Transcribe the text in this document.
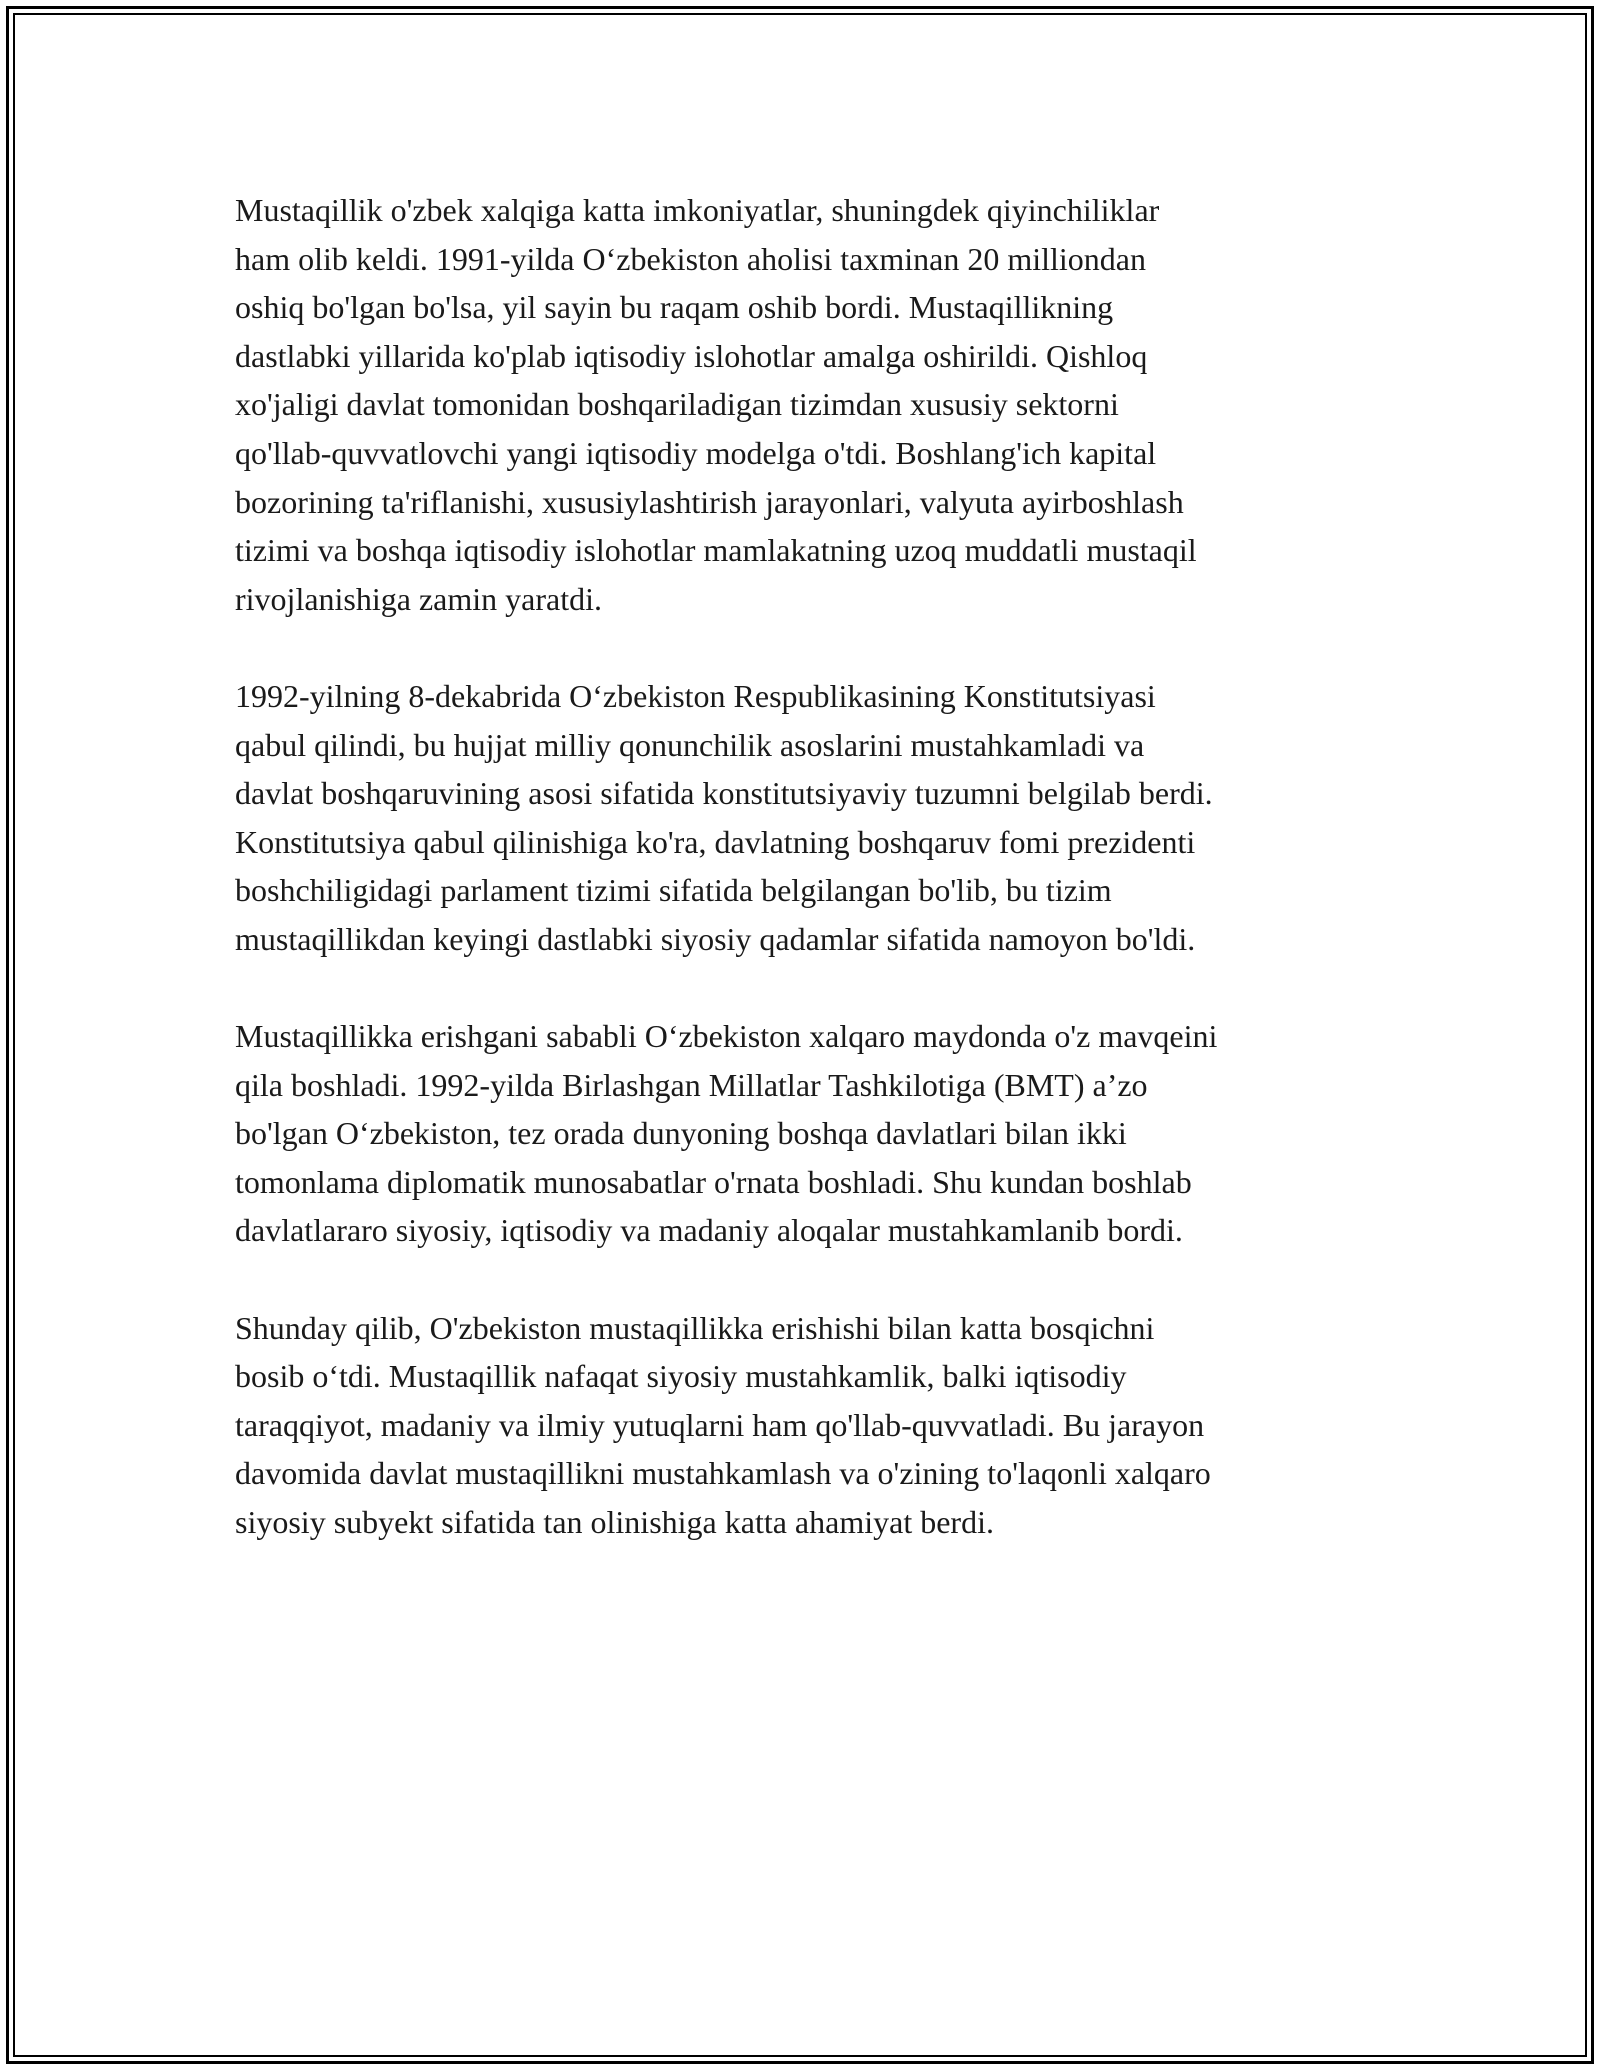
Mustaqillik o'zbek xalqiga katta imkoniyatlar, shuningdek qiyinchiliklar
ham olib keldi. 1991-yilda O‘zbekiston aholisi taxminan 20 milliondan
oshiq bo'lgan bo'lsa, yil sayin bu raqam oshib bordi. Mustaqillikning
dastlabki yillarida ko'plab iqtisodiy islohotlar amalga oshirildi. Qishloq
xo'jaligi davlat tomonidan boshqariladigan tizimdan xususiy sektorni
qo'llab-quvvatlovchi yangi iqtisodiy modelga o'tdi. Boshlang'ich kapital
bozorining ta'riflanishi, xususiylashtirish jarayonlari, valyuta ayirboshlash
tizimi va boshqa iqtisodiy islohotlar mamlakatning uzoq muddatli mustaqil
rivojlanishiga zamin yaratdi.

1992-yilning 8-dekabrida O‘zbekiston Respublikasining Konstitutsiyasi
qabul qilindi, bu hujjat milliy qonunchilik asoslarini mustahkamladi va
davlat boshqaruvining asosi sifatida konstitutsiyaviy tuzumni belgilab berdi.
Konstitutsiya qabul qilinishiga ko'ra, davlatning boshqaruv fomi prezidenti
boshchiligidagi parlament tizimi sifatida belgilangan bo'lib, bu tizim
mustaqillikdan keyingi dastlabki siyosiy qadamlar sifatida namoyon bo'ldi.

Mustaqillikka erishgani sababli O‘zbekiston xalqaro maydonda o'z mavqeini
qila boshladi. 1992-yilda Birlashgan Millatlar Tashkilotiga (BMT) a’zo
bo'lgan O‘zbekiston, tez orada dunyoning boshqa davlatlari bilan ikki
tomonlama diplomatik munosabatlar o'rnata boshladi. Shu kundan boshlab
davlatlararo siyosiy, iqtisodiy va madaniy aloqalar mustahkamlanib bordi.

Shunday qilib, O'zbekiston mustaqillikka erishishi bilan katta bosqichni
bosib o‘tdi. Mustaqillik nafaqat siyosiy mustahkamlik, balki iqtisodiy
taraqqiyot, madaniy va ilmiy yutuqlarni ham qo'llab-quvvatladi. Bu jarayon
davomida davlat mustaqillikni mustahkamlash va o'zining to'laqonli xalqaro
siyosiy subyekt sifatida tan olinishiga katta ahamiyat berdi.
